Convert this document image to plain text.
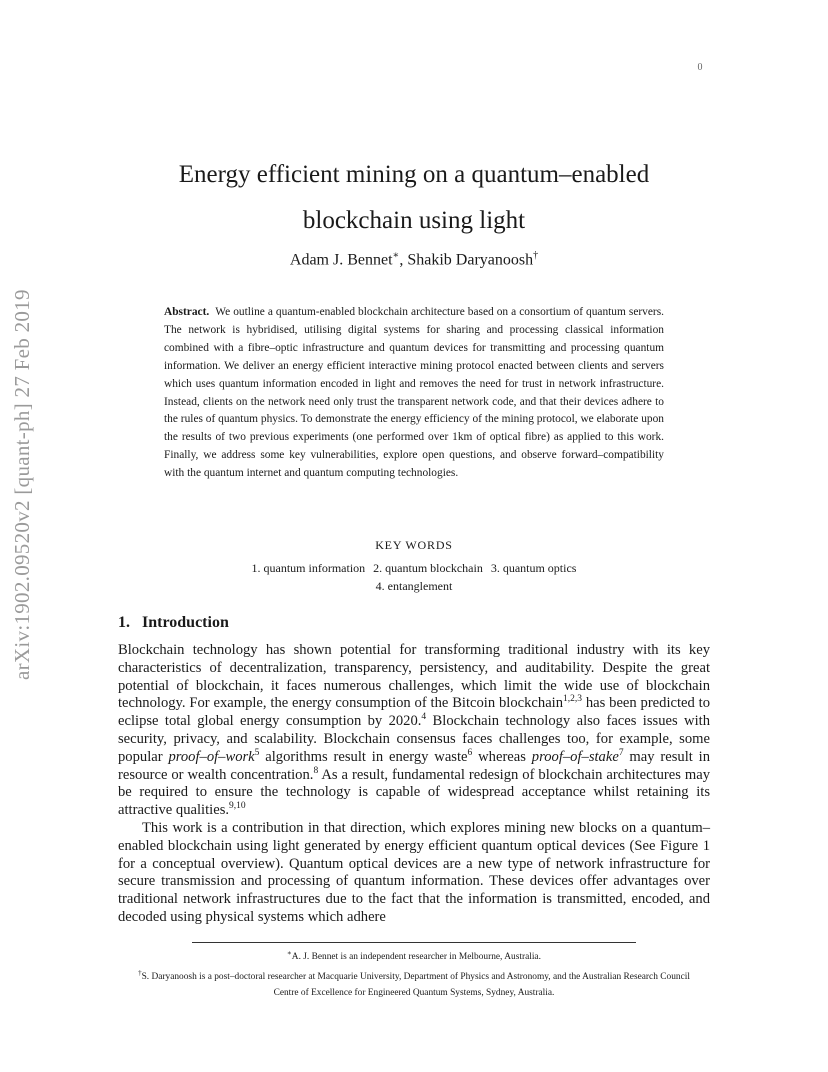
0
arXiv:1902.09520v2 [quant-ph] 27 Feb 2019
Energy efficient mining on a quantum–enabled
blockchain using light
Adam J. Bennet∗, Shakib Daryanoosh†
Abstract. We outline a quantum-enabled blockchain architecture based on a consortium of quantum servers. The network is hybridised, utilising digital systems for sharing and processing classical information combined with a fibre–optic infrastructure and quantum devices for transmitting and processing quantum information. We deliver an energy efficient interactive mining protocol enacted between clients and servers which uses quantum information encoded in light and removes the need for trust in network infrastructure. Instead, clients on the network need only trust the transparent network code, and that their devices adhere to the rules of quantum physics. To demonstrate the energy efficiency of the mining protocol, we elaborate upon the results of two previous experiments (one performed over 1km of optical fibre) as applied to this work. Finally, we address some key vulnerabilities, explore open questions, and observe forward–compatibility with the quantum internet and quantum computing technologies.
KEY WORDS
1. quantum information 2. quantum blockchain 3. quantum optics
4. entanglement
1. Introduction

Blockchain technology has shown potential for transforming traditional industry with its key characteristics of decentralization, transparency, persistency, and auditability. Despite the great potential of blockchain, it faces numerous challenges, which limit the wide use of blockchain technology. For example, the energy consumption of the Bitcoin blockchain$^{1,2,3}$ has been predicted to eclipse total global energy consumption by 2020.$^4$ Blockchain technology also faces issues with security, privacy, and scalability. Blockchain consensus faces challenges too, for example, some popular proof–of–work$^5$ algorithms result in energy waste$^6$ whereas proof–of–stake$^7$ may result in resource or wealth concentration.$^8$ As a result, fundamental redesign of blockchain architectures may be required to ensure the technology is capable of widespread acceptance whilst retaining its attractive qualities.$^{9,10}$

This work is a contribution in that direction, which explores mining new blocks on a quantum–enabled blockchain using light generated by energy efficient quantum optical devices (See Figure 1 for a conceptual overview). Quantum optical devices are a new type of network infrastructure for secure transmission and processing of quantum information. These devices offer advantages over traditional network infrastructures due to the fact that the information is transmitted, encoded, and decoded using physical systems which adhere

∗A. J. Bennet is an independent researcher in Melbourne, Australia.
†S. Daryanoosh is a post–doctoral researcher at Macquarie University, Department of Physics and Astronomy, and the Australian Research Council Centre of Excellence for Engineered Quantum Systems, Sydney, Australia.
